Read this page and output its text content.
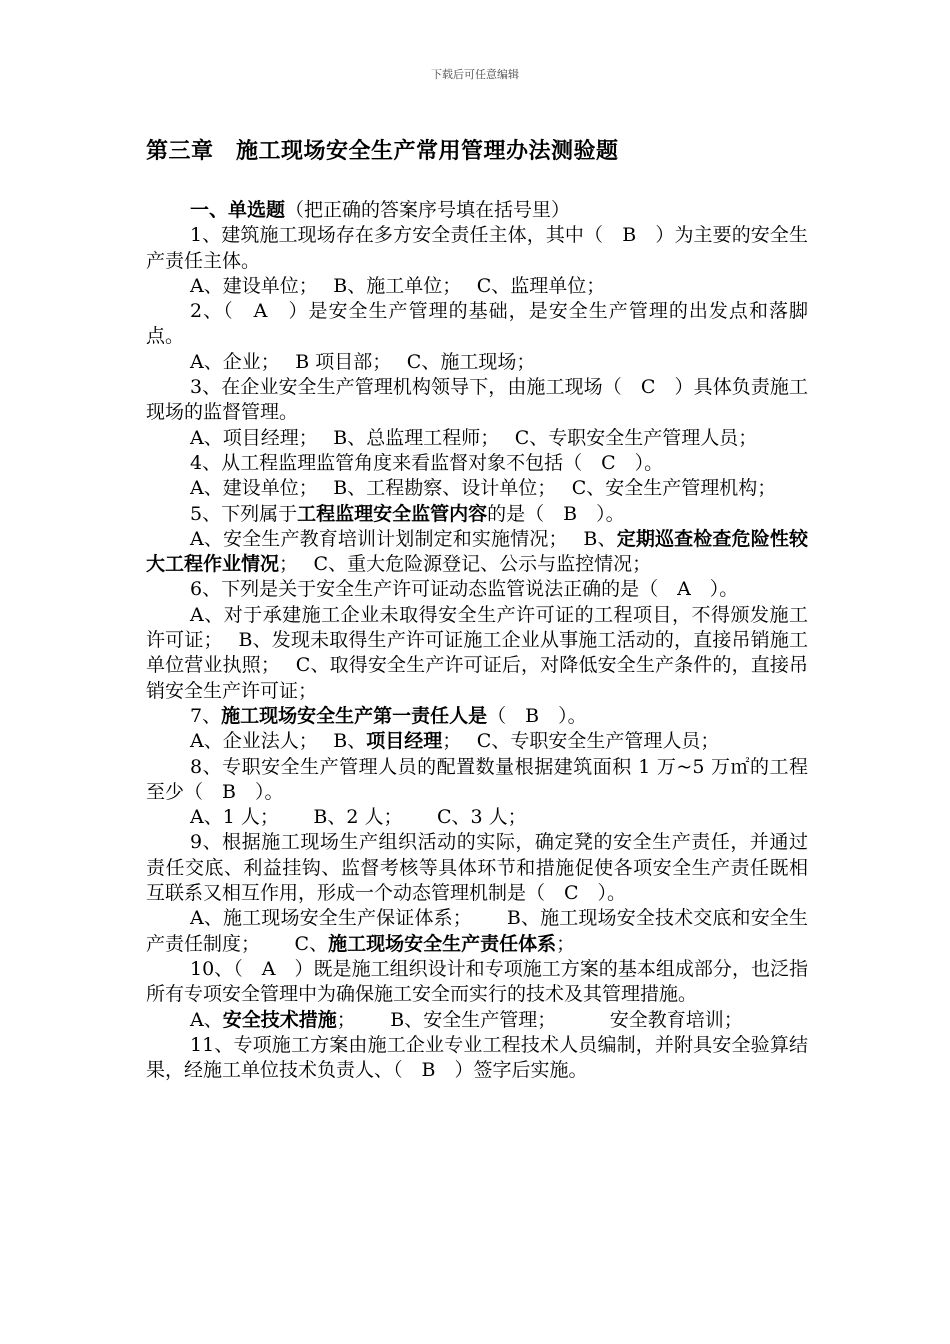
下载后可任意编辑
第三章　施工现场安全生产常用管理办法测验题

一、单选题（把正确的答案序号填在括号里）

1、建筑施工现场存在多方安全责任主体，其中（　B　）为主要的安全生产责任主体。

A、建设单位；　 B、施工单位；　 C、监理单位；

2、（　A　）是安全生产管理的基础，是安全生产管理的出发点和落脚点。

A、企业；　 B 项目部；　 C、施工现场；

3、在企业安全生产管理机构领导下，由施工现场（　C　）具体负责施工现场的监督管理。

A、项目经理；　 B、总监理工程师；　 C、专职安全生产管理人员；

4、从工程监理监管角度来看监督对象不包括（　C　）。

A、建设单位；　 B、工程勘察、设计单位；　 C、安全生产管理机构；

5、下列属于工程监理安全监管内容的是（　B　）。

A、安全生产教育培训计划制定和实施情况；　 B、定期巡查检查危险性较大工程作业情况；　 C、重大危险源登记、公示与监控情况；

6、下列是关于安全生产许可证动态监管说法正确的是（　A　）。

A、对于承建施工企业未取得安全生产许可证的工程项目，不得颁发施工许可证；　 B、发现未取得生产许可证施工企业从事施工活动的，直接吊销施工单位营业执照；　 C、取得安全生产许可证后，对降低安全生产条件的，直接吊销安全生产许可证；

7、施工现场安全生产第一责任人是（　B　）。

A、企业法人；　 B、项目经理；　 C、专职安全生产管理人员；

8、专职安全生产管理人员的配置数量根据建筑面积 1 万~5 万㎡的工程至少（　B　）。

A、1 人；　　 B、2 人；　　 C、3 人；

9、根据施工现场生产组织活动的实际，确定凳的安全生产责任，并通过责任交底、利益挂钩、监督考核等具体环节和措施促使各项安全生产责任既相互联系又相互作用，形成一个动态管理机制是（　C　）。

A、施工现场安全生产保证体系；　　 B、施工现场安全技术交底和安全生产责任制度；　　 C、施工现场安全生产责任体系；

10、（　A　）既是施工组织设计和专项施工方案的基本组成部分，也泛指所有专项安全管理中为确保施工安全而实行的技术及其管理措施。

A、安全技术措施；　　 B、安全生产管理；　　　 安全教育培训；

11、专项施工方案由施工企业专业工程技术人员编制，并附具安全验算结果，经施工单位技术负责人、（　B　）签字后实施。
